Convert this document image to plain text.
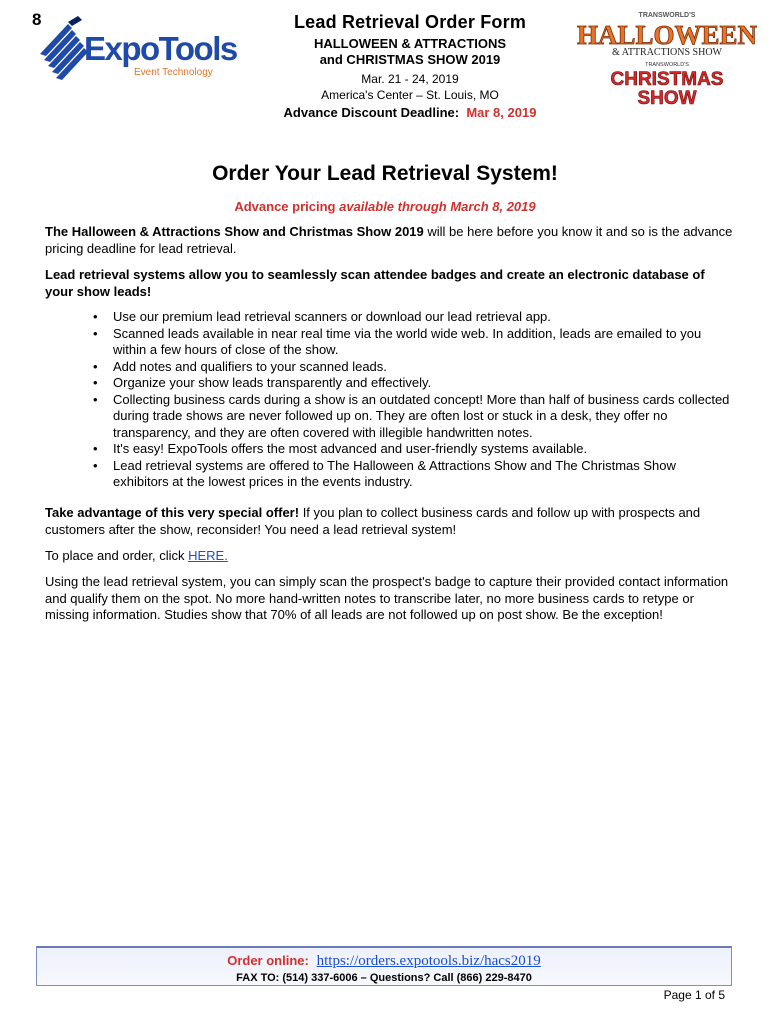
8
ExpoTools
Event Technology
Lead Retrieval Order Form
HALLOWEEN & ATTRACTIONS
and CHRISTMAS SHOW 2019
Mar. 21 - 24, 2019
America's Center – St. Louis, MO
Advance Discount Deadline: Mar 8, 2019
TRANSWORLD'S
HALLOWEEN
& ATTRACTIONS SHOW
TRANSWORLD'S
CHRISTMAS
SHOW
Order Your Lead Retrieval System!
Advance pricing available through March 8, 2019
The Halloween & Attractions Show and Christmas Show 2019 will be here before you know it and so is the advance pricing deadline for lead retrieval.
Lead retrieval systems allow you to seamlessly scan attendee badges and create an electronic database of your show leads!
• Use our premium lead retrieval scanners or download our lead retrieval app.
• Scanned leads available in near real time via the world wide web. In addition, leads are emailed to you within a few hours of close of the show.
• Add notes and qualifiers to your scanned leads.
• Organize your show leads transparently and effectively.
• Collecting business cards during a show is an outdated concept! More than half of business cards collected during trade shows are never followed up on. They are often lost or stuck in a desk, they offer no transparency, and they are often covered with illegible handwritten notes.
• It's easy! ExpoTools offers the most advanced and user-friendly systems available.
• Lead retrieval systems are offered to The Halloween & Attractions Show and The Christmas Show exhibitors at the lowest prices in the events industry.
Take advantage of this very special offer! If you plan to collect business cards and follow up with prospects and customers after the show, reconsider! You need a lead retrieval system!
To place and order, click HERE.
Using the lead retrieval system, you can simply scan the prospect's badge to capture their provided contact information and qualify them on the spot. No more hand-written notes to transcribe later, no more business cards to retype or missing information. Studies show that 70% of all leads are not followed up on post show. Be the exception!
Order online: https://orders.expotools.biz/hacs2019
FAX TO: (514) 337-6006 – Questions? Call (866) 229-8470
Page 1 of 5
